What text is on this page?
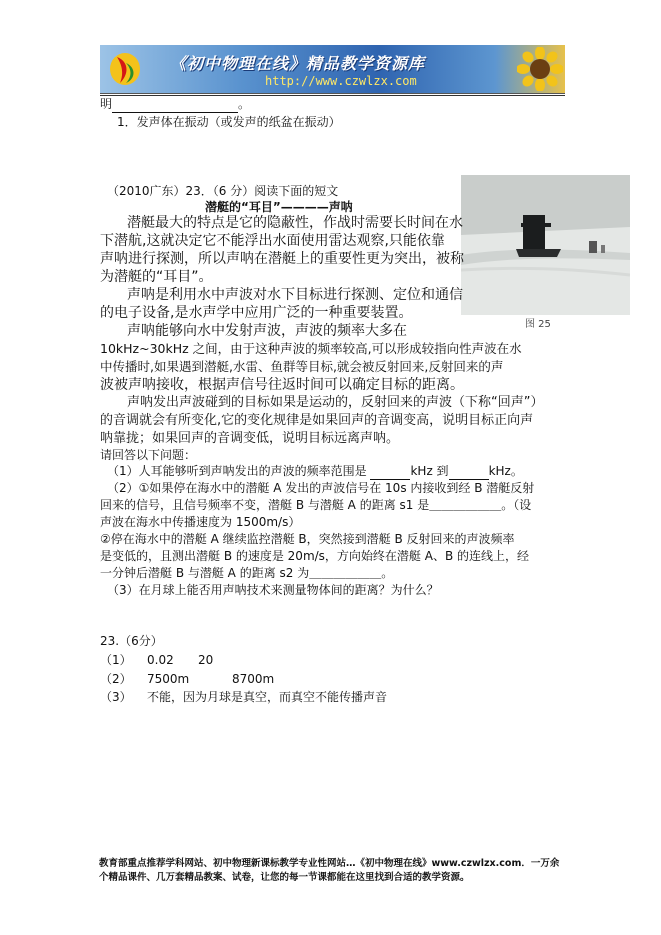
《初中物理在线》精品教学资源库
http://www.czwlzx.com
明	。
1．发声体在振动（或发声的纸盆在振动）
（2010广东）23．（6 分）阅读下面的短文
潜艇的“耳目”————声呐
图 25
潜艇最大的特点是它的隐蔽性，作战时需要长时间在水
下潜航,这就决定它不能浮出水面使用雷达观察,只能依靠
声呐进行探测，所以声呐在潜艇上的重要性更为突出，被称
为潜艇的“耳目”。
声呐是利用水中声波对水下目标进行探测、定位和通信
的电子设备,是水声学中应用广泛的一种重要装置。
声呐能够向水中发射声波，声波的频率大多在
10kHz~30kHz 之间，由于这种声波的频率较高,可以形成较指向性声波在水
中传播时,如果遇到潜艇,水雷、鱼群等目标,就会被反射回来,反射回来的声
波被声呐接收，根据声信号往返时间可以确定目标的距离。
声呐发出声波碰到的目标如果是运动的，反射回来的声波（下称“回声”）
的音调就会有所变化,它的变化规律是如果回声的音调变高，说明目标正向声
呐靠拢；如果回声的音调变低，说明目标远离声呐。
请回答以下问题：
（1）人耳能够听到声呐发出的声波的频率范围是	kHz 到	kHz。
（2）①如果停在海水中的潜艇 A 发出的声波信号在 10s 内接收到经 B 潜艇反射
回来的信号，且信号频率不变，潜艇 B 与潜艇 A 的距离 s1 是＿＿＿＿＿＿。（设
声波在海水中传播速度为 1500m/s）
②停在海水中的潜艇 A 继续监控潜艇 B，突然接到潜艇 B 反射回来的声波频率
是变低的，且测出潜艇 B 的速度是 20m/s，方向始终在潜艇 A、B 的连线上，经
一分钟后潜艇 B 与潜艇 A 的距离 s2 为＿＿＿＿＿＿。
（3）在月球上能否用声呐技术来测量物体间的距离？为什么？
23.（6分）
（1） 0.02 20
（2） 7500m	8700m
（3） 不能，因为月球是真空，而真空不能传播声音
教育部重点推荐学科网站、初中物理新课标教学专业性网站…《初中物理在线》www.czwlzx.com．一万余
个精品课件、几万套精品教案、试卷，让您的每一节课都能在这里找到合适的教学资源。
